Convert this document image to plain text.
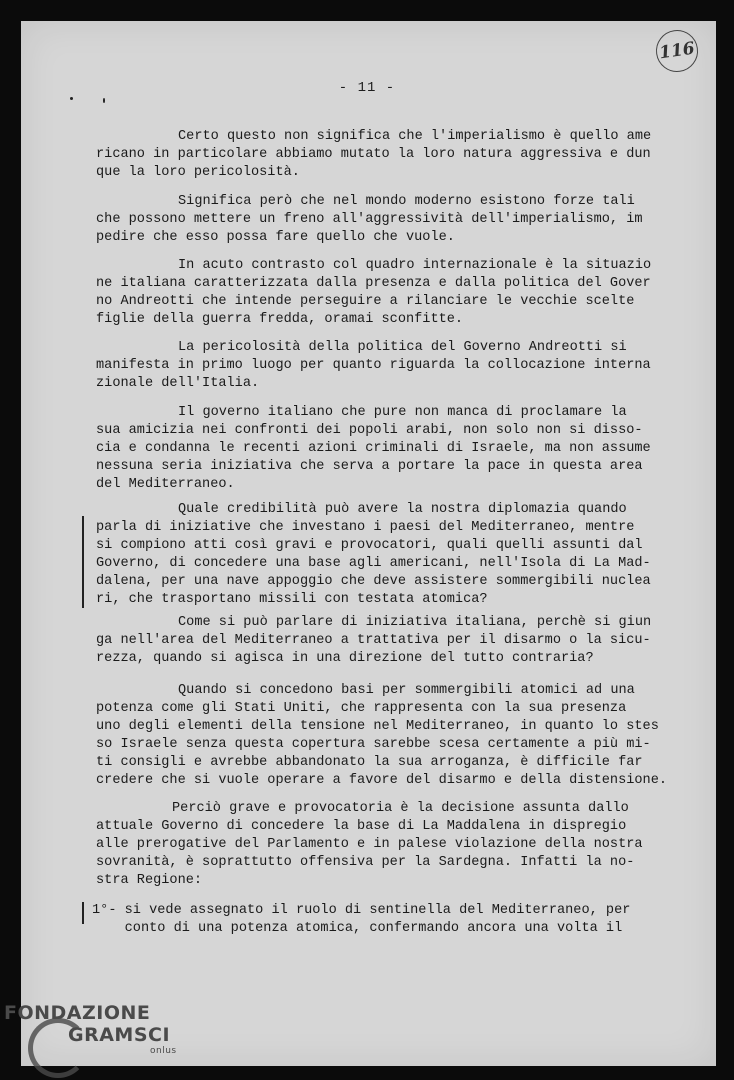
116
- 11 -
Certo questo non significa che l'imperialismo è quello ame
ricano in particolare abbiamo mutato la loro natura aggressiva e dun
que la loro pericolosità.
Significa però che nel mondo moderno esistono forze tali
che possono mettere un freno all'aggressività dell'imperialismo, im
pedire che esso possa fare quello che vuole.
In acuto contrasto col quadro internazionale è la situazio
ne italiana caratterizzata dalla presenza e dalla politica del Gover
no Andreotti che intende perseguire a rilanciare le vecchie scelte
figlie della guerra fredda, oramai sconfitte.
La pericolosità della politica del Governo Andreotti si
manifesta in primo luogo per quanto riguarda la collocazione interna
zionale dell'Italia.
Il governo italiano che pure non manca di proclamare la
sua amicizia nei confronti dei popoli arabi, non solo non si disso-
cia e condanna le recenti azioni criminali di Israele, ma non assume
nessuna seria iniziativa che serva a portare la pace in questa area
del Mediterraneo.
Quale credibilità può avere la nostra diplomazia quando
parla di iniziative che investano i paesi del Mediterraneo, mentre
si compiono atti così gravi e provocatori, quali quelli assunti dal
Governo, di concedere una base agli americani, nell'Isola di La Mad-
dalena, per una nave appoggio che deve assistere sommergibili nuclea
ri, che trasportano missili con testata atomica?
Come si può parlare di iniziativa italiana, perchè si giun
ga nell'area del Mediterraneo a trattativa per il disarmo o la sicu-
rezza, quando si agisca in una direzione del tutto contraria?
Quando si concedono basi per sommergibili atomici ad una
potenza come gli Stati Uniti, che rappresenta con la sua presenza
uno degli elementi della tensione nel Mediterraneo, in quanto lo stes
so Israele senza questa copertura sarebbe scesa certamente a più mi-
ti consigli e avrebbe abbandonato la sua arroganza, è difficile far
credere che si vuole operare a favore del disarmo e della distensione.
Perciò grave e provocatoria è la decisione assunta dallo
attuale Governo di concedere la base di La Maddalena in dispregio
alle prerogative del Parlamento e in palese violazione della nostra
sovranità, è soprattutto offensiva per la Sardegna. Infatti la no-
stra Regione:
1°- si vede assegnato il ruolo di sentinella del Mediterraneo, per
conto di una potenza atomica, confermando ancora una volta il
FONDAZIONE
GRAMSCI
onlus
